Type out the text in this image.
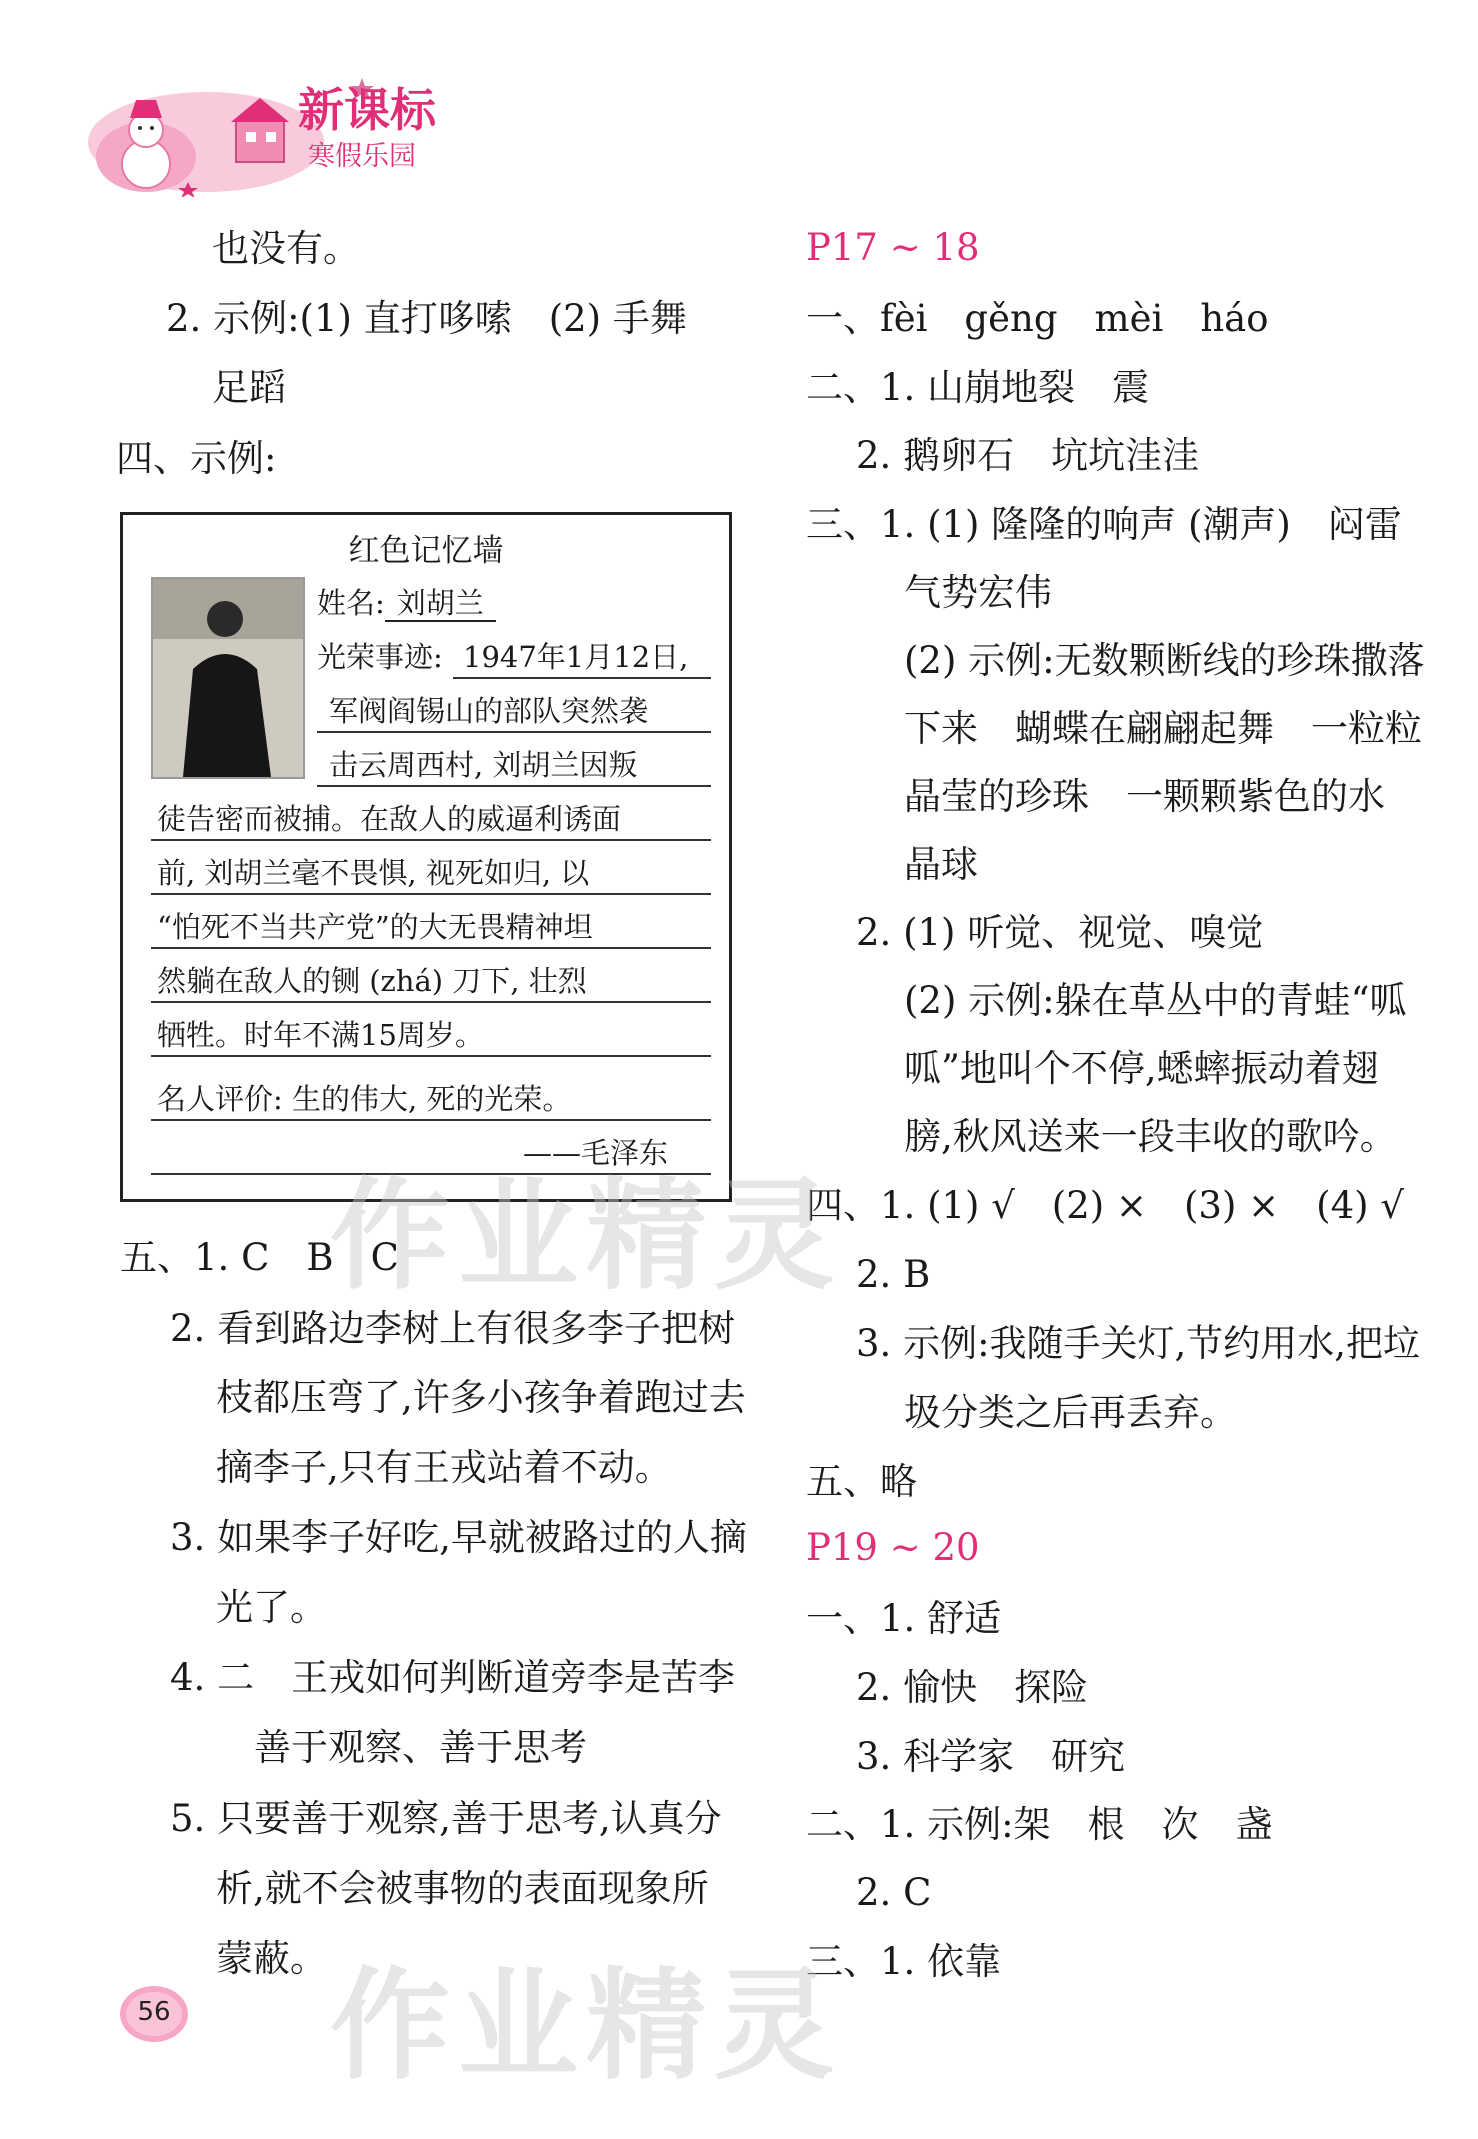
新课标
寒假乐园
也没有。
2. 示例:(1) 直打哆嗦　(2) 手舞
足蹈
四、示例:
红色记忆墙
姓名: 刘胡兰
光荣事迹: 1947年1月12日,
军阀阎锡山的部队突然袭
击云周西村, 刘胡兰因叛
徒告密而被捕。在敌人的威逼利诱面
前, 刘胡兰毫不畏惧, 视死如归, 以
“怕死不当共产党”的大无畏精神坦
然躺在敌人的铡 (zhá) 刀下, 壮烈
牺牲。时年不满15周岁。
名人评价: 生的伟大, 死的光荣。
——毛泽东
五、1. C　B　C
2. 看到路边李树上有很多李子把树
枝都压弯了,许多小孩争着跑过去
摘李子,只有王戎站着不动。
3. 如果李子好吃,早就被路过的人摘
光了。
4. 二　王戎如何判断道旁李是苦李
善于观察、善于思考
5. 只要善于观察,善于思考,认真分
析,就不会被事物的表面现象所
蒙蔽。
P17 ~ 18
一、fèi　gěng　mèi　háo
二、1. 山崩地裂　震
2. 鹅卵石　坑坑洼洼
三、1. (1) 隆隆的响声 (潮声)　闷雷
气势宏伟
(2) 示例:无数颗断线的珍珠撒落
下来　蝴蝶在翩翩起舞　一粒粒
晶莹的珍珠　一颗颗紫色的水
晶球
2. (1) 听觉、视觉、嗅觉
(2) 示例:躲在草丛中的青蛙“呱
呱”地叫个不停,蟋蟀振动着翅
膀,秋风送来一段丰收的歌吟。
四、1. (1) √　(2) ×　(3) ×　(4) √
2. B
3. 示例:我随手关灯,节约用水,把垃
圾分类之后再丢弃。
五、略
P19 ~ 20
一、1. 舒适
2. 愉快　探险
3. 科学家　研究
二、1. 示例:架　根　次　盏
2. C
三、1. 依靠
作业精灵
作业精灵
56
